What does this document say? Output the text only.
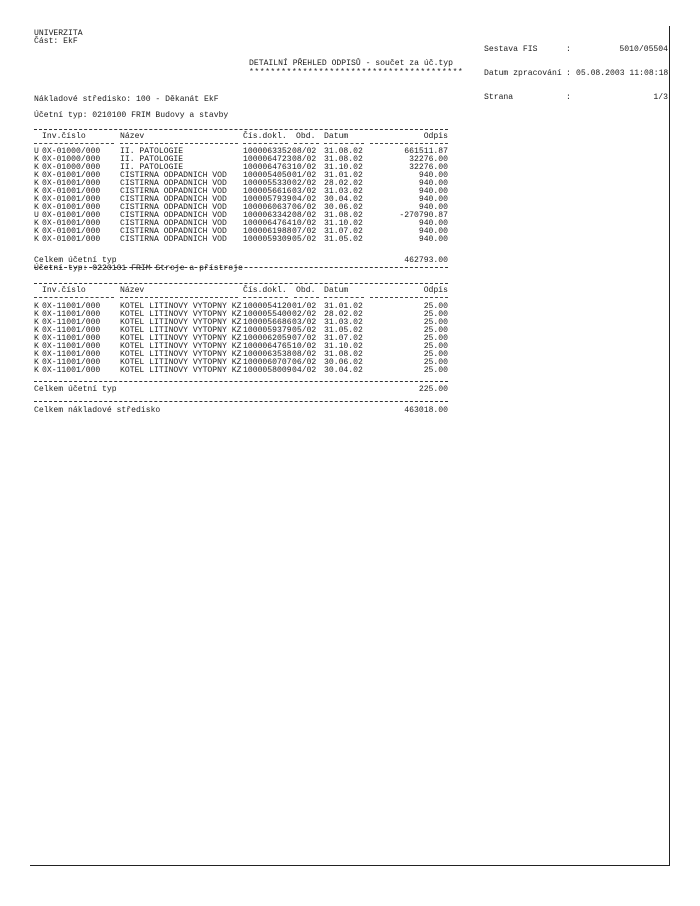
UNIVERZITA
Část: EkF

Sestava FIS	:	5010/05504

Datum zpracování : 05.08.2003 11:08:18

Strana	:	1/3

DETAILNÍ PŘEHLED ODPISŮ - součet za úč.typ
****************************************
Nákladové středisko: 100 - Děkanát EkF
Účetní typ: 0210100 FRIM Budovy a stavby
Inv.číslo	Název	Čís.dokl. Obd. Datum	Odpis
U 0X-01000/000 II. PATOLOGIE	1000063352 08/02 31.08.02	661511.87
K 0X-01000/000 II. PATOLOGIE	1000064723 08/02 31.08.02	32276.00
K 0X-01000/000 II. PATOLOGIE	1000064763 10/02 31.10.02	32276.00
K 0X-01001/000 CISTIRNA ODPADNICH VOD 1000054050 01/02 31.01.02	940.00
K 0X-01001/000 CISTIRNA ODPADNICH VOD 1000055330 02/02 28.02.02	940.00
K 0X-01001/000 CISTIRNA ODPADNICH VOD 1000056616 03/02 31.03.02	940.00
K 0X-01001/000 CISTIRNA ODPADNICH VOD 1000057939 04/02 30.04.02	940.00
K 0X-01001/000 CISTIRNA ODPADNICH VOD 1000060637 06/02 30.06.02	940.00
U 0X-01001/000 CISTIRNA ODPADNICH VOD 1000063342 08/02 31.08.02	-270790.87
K 0X-01001/000 CISTIRNA ODPADNICH VOD 1000064764 10/02 31.10.02	940.00
K 0X-01001/000 CISTIRNA ODPADNICH VOD 1000061988 07/02 31.07.02	940.00
K 0X-01001/000 CISTIRNA ODPADNICH VOD 1000059309 05/02 31.05.02	940.00
Celkem účetní typ	462793.00
Účetní typ: 0220101 FRIM Stroje a přístroje
Inv.číslo	Název	Čís.dokl. Obd. Datum	Odpis
K 0X-11001/000 KOTEL LITINOVY VYTOPNY KZ 1000054120 01/02 31.01.02	25.00
K 0X-11001/000 KOTEL LITINOVY VYTOPNY KZ 1000055400 02/02 28.02.02	25.00
K 0X-11001/000 KOTEL LITINOVY VYTOPNY KZ 1000056686 03/02 31.03.02	25.00
K 0X-11001/000 KOTEL LITINOVY VYTOPNY KZ 1000059379 05/02 31.05.02	25.00
K 0X-11001/000 KOTEL LITINOVY VYTOPNY KZ 1000062059 07/02 31.07.02	25.00
K 0X-11001/000 KOTEL LITINOVY VYTOPNY KZ 1000064765 10/02 31.10.02	25.00
K 0X-11001/000 KOTEL LITINOVY VYTOPNY KZ 1000063538 08/02 31.08.02	25.00
K 0X-11001/000 KOTEL LITINOVY VYTOPNY KZ 1000060707 06/02 30.06.02	25.00
K 0X-11001/000 KOTEL LITINOVY VYTOPNY KZ 1000058009 04/02 30.04.02	25.00
Celkem účetní typ	225.00
Celkem nákladové středisko	463018.00
